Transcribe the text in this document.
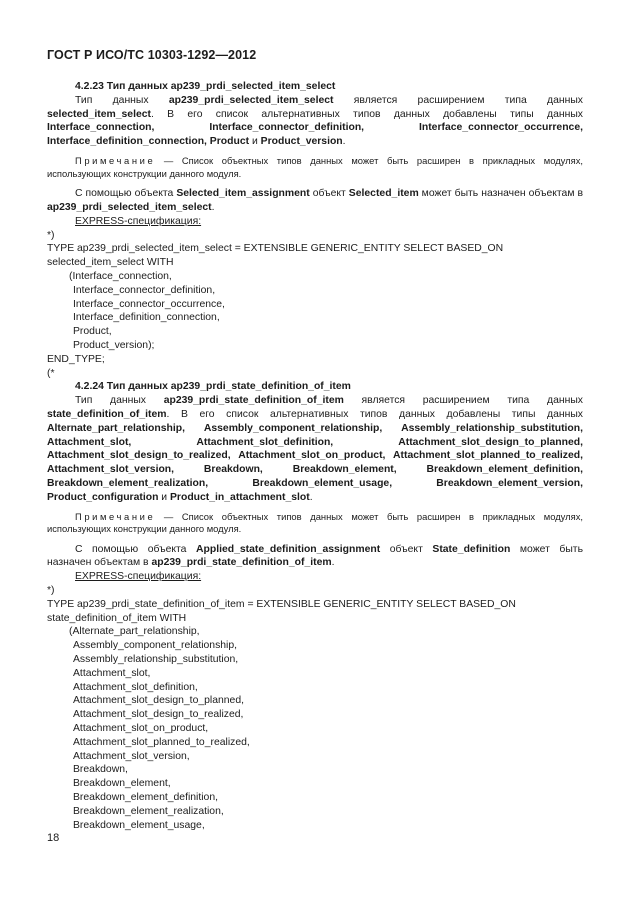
ГОСТ Р ИСО/ТС 10303-1292—2012

4.2.23 Тип данных ap239_prdi_selected_item_select

Тип данных ap239_prdi_selected_item_select является расширением типа данных selected_item_select. В его список альтернативных типов данных добавлены типы данных Interface_connection, Interface_connector_definition, Interface_connector_occurrence, Interface_definition_connection, Product и Product_version.

Примечание — Список объектных типов данных может быть расширен в прикладных модулях, использующих конструкции данного модуля.

С помощью объекта Selected_item_assignment объект Selected_item может быть назначен объектам в ap239_prdi_selected_item_select.

EXPRESS-спецификация:

*)

TYPE ap239_prdi_selected_item_select = EXTENSIBLE GENERIC_ENTITY SELECT BASED_ON

selected_item_select WITH

(Interface_connection,

Interface_connector_definition,

Interface_connector_occurrence,

Interface_definition_connection,

Product,

Product_version);

END_TYPE;

(*

4.2.24 Тип данных ap239_prdi_state_definition_of_item

Тип данных ap239_prdi_state_definition_of_item является расширением типа данных state_definition_of_item. В его список альтернативных типов данных добавлены типы данных Alternate_part_relationship, Assembly_component_relationship, Assembly_relationship_substitution, Attachment_slot, Attachment_slot_definition, Attachment_slot_design_to_planned, Attachment_slot_design_to_realized, Attachment_slot_on_product, Attachment_slot_planned_to_realized, Attachment_slot_version, Breakdown, Breakdown_element, Breakdown_element_definition, Breakdown_element_realization, Breakdown_element_usage, Breakdown_element_version, Product_configuration и Product_in_attachment_slot.

Примечание — Список объектных типов данных может быть расширен в прикладных модулях, использующих конструкции данного модуля.

С помощью объекта Applied_state_definition_assignment объект State_definition может быть назначен объектам в ap239_prdi_state_definition_of_item.

EXPRESS-спецификация:

*)

TYPE ap239_prdi_state_definition_of_item = EXTENSIBLE GENERIC_ENTITY SELECT BASED_ON

state_definition_of_item WITH

(Alternate_part_relationship,

Assembly_component_relationship,

Assembly_relationship_substitution,

Attachment_slot,

Attachment_slot_definition,

Attachment_slot_design_to_planned,

Attachment_slot_design_to_realized,

Attachment_slot_on_product,

Attachment_slot_planned_to_realized,

Attachment_slot_version,

Breakdown,

Breakdown_element,

Breakdown_element_definition,

Breakdown_element_realization,

Breakdown_element_usage,

18
